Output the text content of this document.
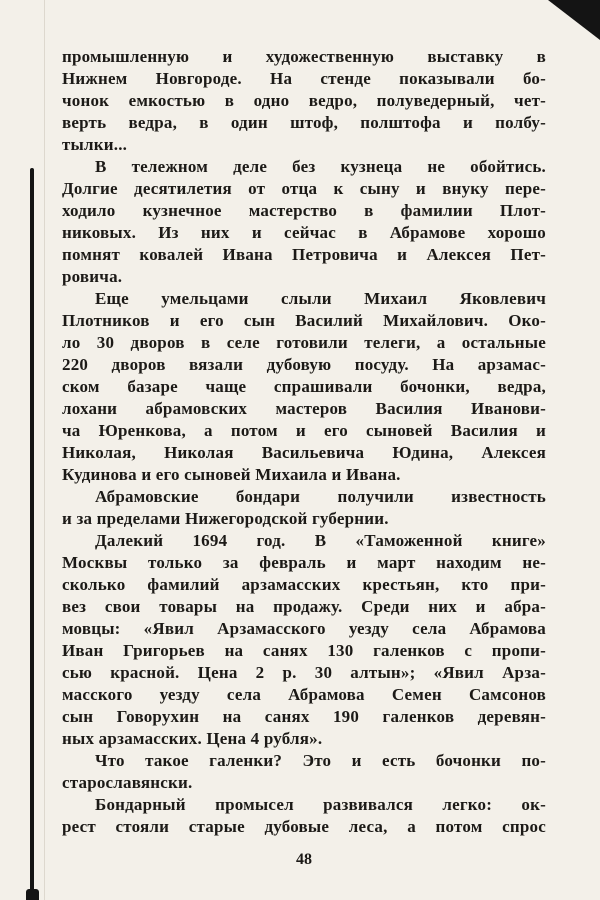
промышленную и художественную выставку в
Нижнем Новгороде. На стенде показывали бо-
чонок емкостью в одно ведро, полуведерный, чет-
верть ведра, в один штоф, полштофа и полбу-
тылки...
В тележном деле без кузнеца не обойтись.
Долгие десятилетия от отца к сыну и внуку пере-
ходило кузнечное мастерство в фамилии Плот-
никовых. Из них и сейчас в Абрамове хорошо
помнят ковалей Ивана Петровича и Алексея Пет-
ровича.
Еще умельцами слыли Михаил Яковлевич
Плотников и его сын Василий Михайлович. Око-
ло 30 дворов в селе готовили телеги, а остальные
220 дворов вязали дубовую посуду. На арзамас-
ском базаре чаще спрашивали бочонки, ведра,
лохани абрамовских мастеров Василия Иванови-
ча Юренкова, а потом и его сыновей Василия и
Николая, Николая Васильевича Юдина, Алексея
Кудинова и его сыновей Михаила и Ивана.
Абрамовские бондари получили известность
и за пределами Нижегородской губернии.
Далекий 1694 год. В «Таможенной книге»
Москвы только за февраль и март находим не-
сколько фамилий арзамасских крестьян, кто при-
вез свои товары на продажу. Среди них и абра-
мовцы: «Явил Арзамасского уезду села Абрамова
Иван Григорьев на санях 130 галенков с пропи-
сью красной. Цена 2 р. 30 алтын»; «Явил Арза-
масского уезду села Абрамова Семен Самсонов
сын Говорухин на санях 190 галенков деревян-
ных арзамасских. Цена 4 рубля».
Что такое галенки? Это и есть бочонки по-
старославянски.
Бондарный промысел развивался легко: ок-
рест стояли старые дубовые леса, а потом спрос
48
